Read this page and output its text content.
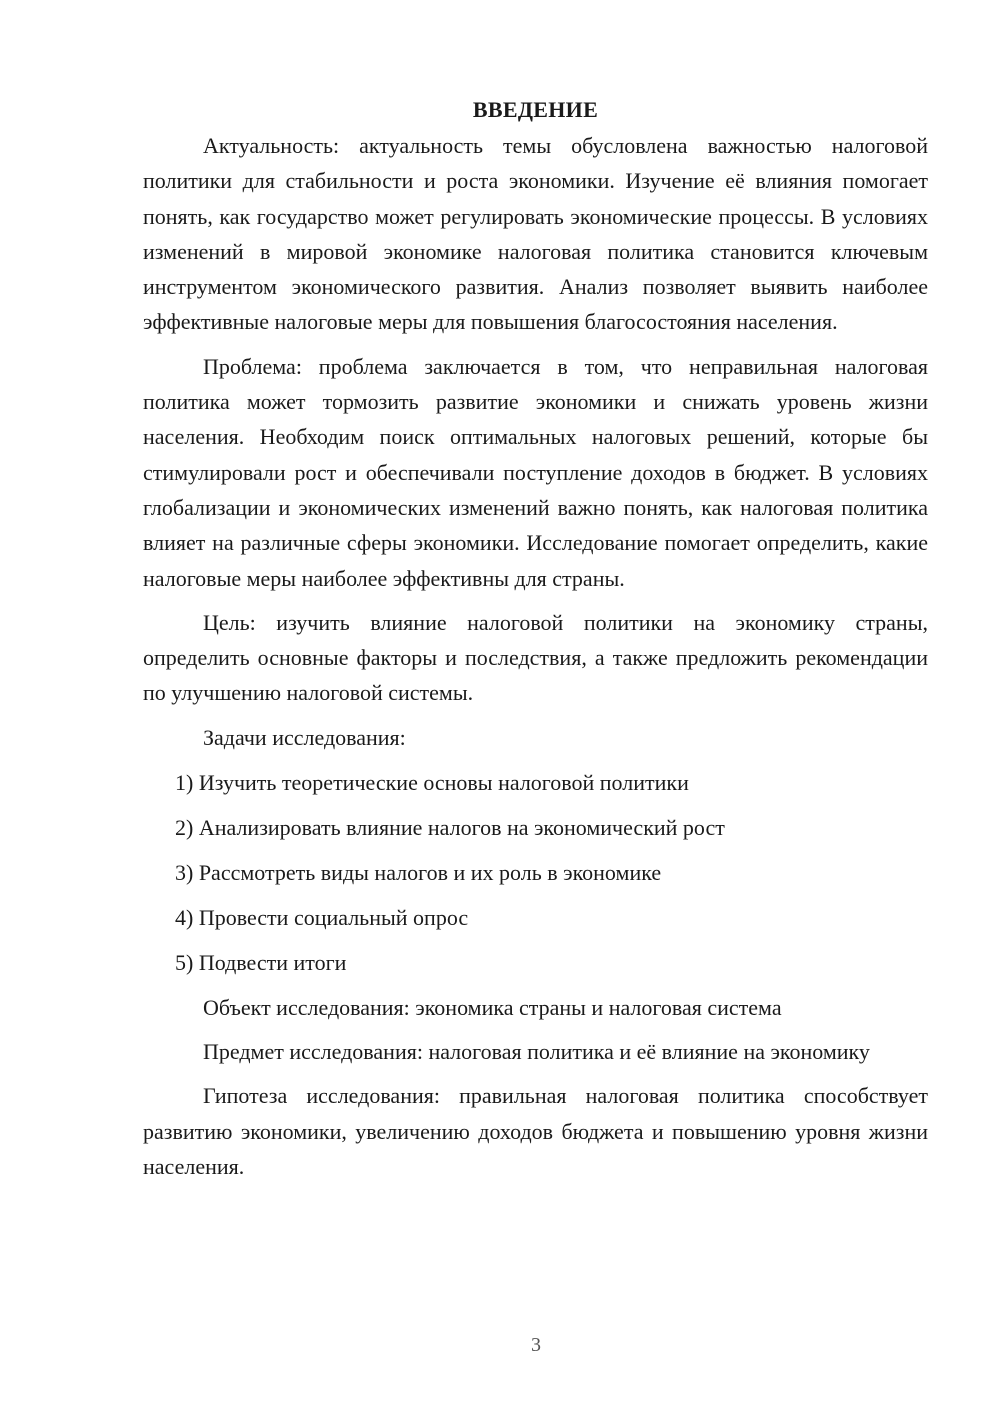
ВВЕДЕНИЕ

Актуальность: актуальность темы обусловлена важностью налоговой политики для стабильности и роста экономики. Изучение её влияния помогает понять, как государство может регулировать экономические процессы. В условиях изменений в мировой экономике налоговая политика становится ключевым инструментом экономического развития. Анализ позволяет выявить наиболее эффективные налоговые меры для повышения благосостояния населения.

Проблема: проблема заключается в том, что неправильная налоговая политика может тормозить развитие экономики и снижать уровень жизни населения. Необходим поиск оптимальных налоговых решений, которые бы стимулировали рост и обеспечивали поступление доходов в бюджет. В условиях глобализации и экономических изменений важно понять, как налоговая политика влияет на различные сферы экономики. Исследование помогает определить, какие налоговые меры наиболее эффективны для страны.

Цель: изучить влияние налоговой политики на экономику страны, определить основные факторы и последствия, а также предложить рекомендации по улучшению налоговой системы.

Задачи исследования:
1) Изучить теоретические основы налоговой политики
2) Анализировать влияние налогов на экономический рост
3) Рассмотреть виды налогов и их роль в экономике
4) Провести социальный опрос
5) Подвести итоги

Объект исследования: экономика страны и налоговая система

Предмет исследования: налоговая политика и её влияние на экономику

Гипотеза исследования: правильная налоговая политика способствует развитию экономики, увеличению доходов бюджета и повышению уровня жизни населения.

3
